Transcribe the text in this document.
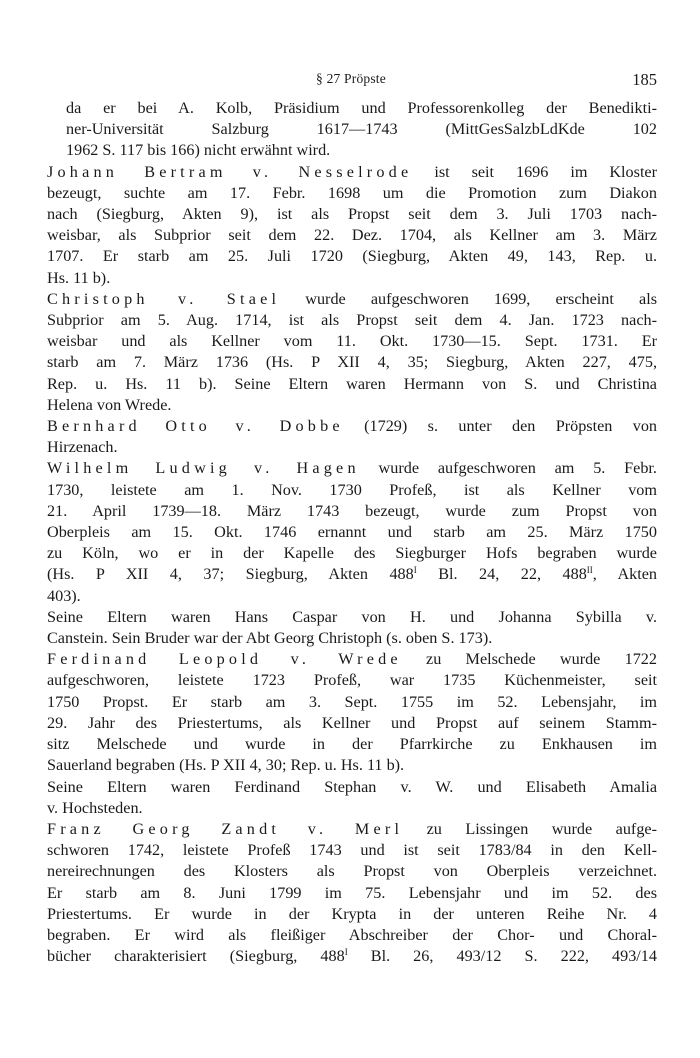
§ 27 Pröpste	185
da er bei A. Kolb, Präsidium und Professorenkolleg der Benedikti-
ner-Universität Salzburg 1617—1743 (MittGesSalzbLdKde 102
1962 S. 117 bis 166) nicht erwähnt wird.
Johann Bertram v. Nesselrode ist seit 1696 im Kloster
bezeugt, suchte am 17. Febr. 1698 um die Promotion zum Diakon
nach (Siegburg, Akten 9), ist als Propst seit dem 3. Juli 1703 nach-
weisbar, als Subprior seit dem 22. Dez. 1704, als Kellner am 3. März
1707. Er starb am 25. Juli 1720 (Siegburg, Akten 49, 143, Rep. u.
Hs. 11 b).
Christoph v. Stael wurde aufgeschworen 1699, erscheint als
Subprior am 5. Aug. 1714, ist als Propst seit dem 4. Jan. 1723 nach-
weisbar und als Kellner vom 11. Okt. 1730—15. Sept. 1731. Er
starb am 7. März 1736 (Hs. P XII 4, 35; Siegburg, Akten 227, 475,
Rep. u. Hs. 11 b). Seine Eltern waren Hermann von S. und Christina
Helena von Wrede.
Bernhard Otto v. Dobbe (1729) s. unter den Pröpsten von
Hirzenach.
Wilhelm Ludwig v. Hagen wurde aufgeschworen am 5. Febr.
1730, leistete am 1. Nov. 1730 Profeß, ist als Kellner vom
21. April 1739—18. März 1743 bezeugt, wurde zum Propst von
Oberpleis am 15. Okt. 1746 ernannt und starb am 25. März 1750
zu Köln, wo er in der Kapelle des Siegburger Hofs begraben wurde
(Hs. P XII 4, 37; Siegburg, Akten $488^I$ Bl. 24, 22, $488^{II}$, Akten
403).
Seine Eltern waren Hans Caspar von H. und Johanna Sybilla v.
Canstein. Sein Bruder war der Abt Georg Christoph (s. oben S. 173).
Ferdinand Leopold v. Wrede zu Melschede wurde 1722
aufgeschworen, leistete 1723 Profeß, war 1735 Küchenmeister, seit
1750 Propst. Er starb am 3. Sept. 1755 im 52. Lebensjahr, im
29. Jahr des Priestertums, als Kellner und Propst auf seinem Stamm-
sitz Melschede und wurde in der Pfarrkirche zu Enkhausen im
Sauerland begraben (Hs. P XII 4, 30; Rep. u. Hs. 11 b).
Seine Eltern waren Ferdinand Stephan v. W. und Elisabeth Amalia
v. Hochsteden.
Franz Georg Zandt v. Merl zu Lissingen wurde aufge-
schworen 1742, leistete Profeß 1743 und ist seit 1783/84 in den Kell-
nereirechnungen des Klosters als Propst von Oberpleis verzeichnet.
Er starb am 8. Juni 1799 im 75. Lebensjahr und im 52. des
Priestertums. Er wurde in der Krypta in der unteren Reihe Nr. 4
begraben. Er wird als fleißiger Abschreiber der Chor- und Choral-
bücher charakterisiert (Siegburg, $488^I$ Bl. 26, 493/12 S. 222, 493/14
